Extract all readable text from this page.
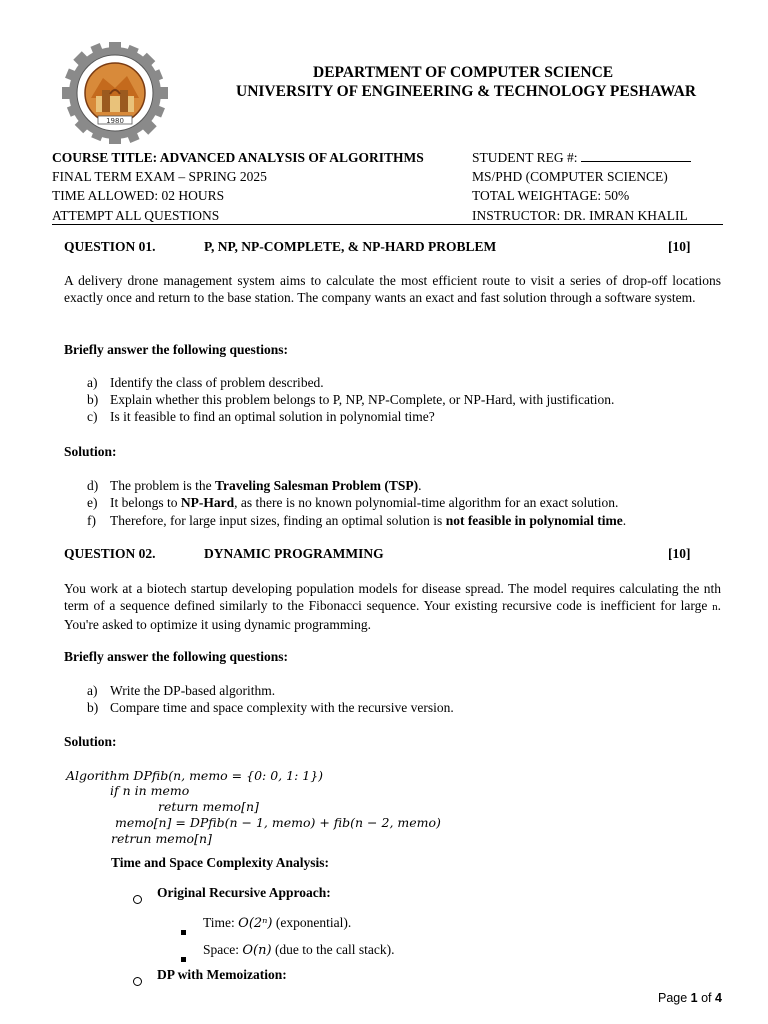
1980
DEPARTMENT OF COMPUTER SCIENCE
UNIVERSITY OF ENGINEERING & TECHNOLOGY PESHAWAR
COURSE TITLE: ADVANCED ANALYSIS OF ALGORITHMS
FINAL TERM EXAM – SPRING 2025
TIME ALLOWED: 02 HOURS
ATTEMPT ALL QUESTIONS
STUDENT REG #:
MS/PHD (COMPUTER SCIENCE)
TOTAL WEIGHTAGE: 50%
INSTRUCTOR: DR. IMRAN KHALIL
QUESTION 01.	P, NP, NP-COMPLETE, & NP-HARD PROBLEM	[10]
A delivery drone management system aims to calculate the most efficient route to visit a series of drop-off locations exactly once and return to the base station. The company wants an exact and fast solution through a software system.
Briefly answer the following questions:
a) Identify the class of problem described.
b) Explain whether this problem belongs to P, NP, NP-Complete, or NP-Hard, with justification.
c) Is it feasible to find an optimal solution in polynomial time?
Solution:
d) The problem is the Traveling Salesman Problem (TSP).
e) It belongs to NP-Hard, as there is no known polynomial-time algorithm for an exact solution.
f) Therefore, for large input sizes, finding an optimal solution is not feasible in polynomial time.
QUESTION 02.	DYNAMIC PROGRAMMING	[10]
You work at a biotech startup developing population models for disease spread. The model requires calculating the nth term of a sequence defined similarly to the Fibonacci sequence. Your existing recursive code is inefficient for large n. You're asked to optimize it using dynamic programming.
Briefly answer the following questions:
a) Write the DP-based algorithm.
b) Compare time and space complexity with the recursive version.
Solution:
Algorithm DPfib(n, memo = {0: 0, 1: 1})
if n in memo
return memo[n]
memo[n] = DPfib(n − 1, memo) + fib(n − 2, memo)
retrun memo[n]
Time and Space Complexity Analysis:
Original Recursive Approach:
Time: O(2ⁿ) (exponential).
Space: O(n) (due to the call stack).
DP with Memoization:
Page 1 of 4
